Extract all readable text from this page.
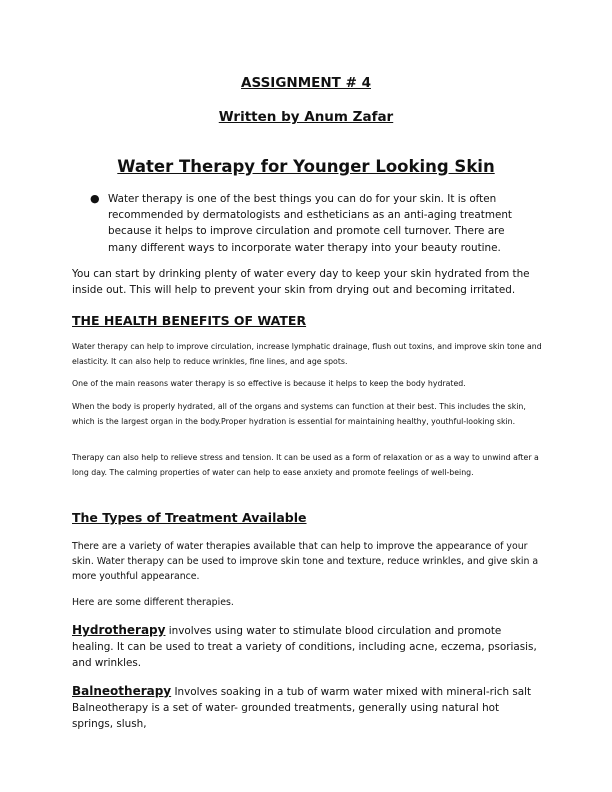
ASSIGNMENT # 4

Written by Anum Zafar

Water Therapy for Younger Looking Skin

● Water therapy is one of the best things you can do for your skin. It is often recommended by dermatologists and estheticians as an anti-aging treatment because it helps to improve circulation and promote cell turnover. There are many different ways to incorporate water therapy into your beauty routine.

You can start by drinking plenty of water every day to keep your skin hydrated from the inside out. This will help to prevent your skin from drying out and becoming irritated.

THE HEALTH BENEFITS OF WATER

Water therapy can help to improve circulation, increase lymphatic drainage, flush out toxins, and improve skin tone and elasticity. It can also help to reduce wrinkles, fine lines, and age spots.

One of the main reasons water therapy is so effective is because it helps to keep the body hydrated.

When the body is properly hydrated, all of the organs and systems can function at their best. This includes the skin, which is the largest organ in the body.Proper hydration is essential for maintaining healthy, youthful-looking skin.

Therapy can also help to relieve stress and tension. It can be used as a form of relaxation or as a way to unwind after a long day. The calming properties of water can help to ease anxiety and promote feelings of well-being.

The Types of Treatment Available

There are a variety of water therapies available that can help to improve the appearance of your skin. Water therapy can be used to improve skin tone and texture, reduce wrinkles, and give skin a more youthful appearance.

Here are some different therapies.

Hydrotherapy involves using water to stimulate blood circulation and promote healing. It can be used to treat a variety of conditions, including acne, eczema, psoriasis, and wrinkles.

Balneotherapy Involves soaking in a tub of warm water mixed with mineral-rich salt Balneotherapy is a set of water- grounded treatments, generally using natural hot springs, slush,
